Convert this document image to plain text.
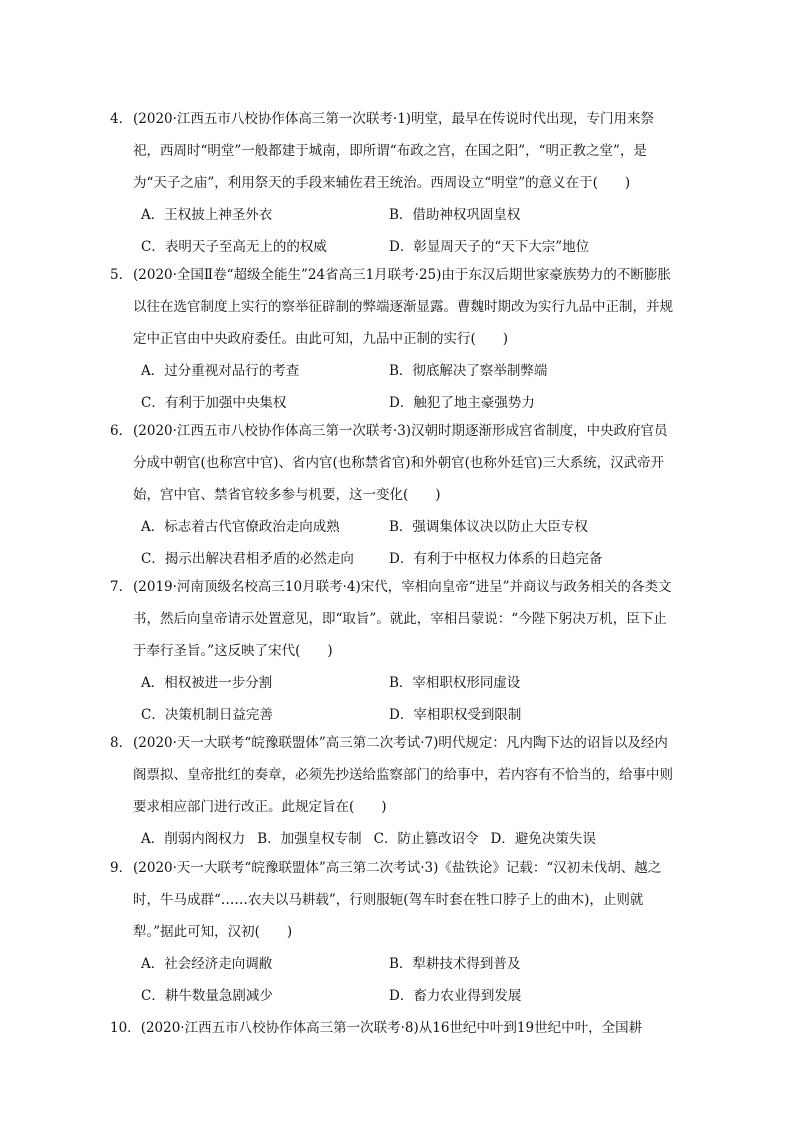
4．(2020·江西五市八校协作体高三第一次联考·1)明堂，最早在传说时代出现，专门用来祭祀，西周时“明堂”一般都建于城南，即所谓“布政之宫，在国之阳”，“明正教之堂”，是为“天子之庙”，利用祭天的手段来辅佐君王统治。西周设立“明堂”的意义在于(　　)

A．王权披上神圣外衣	B．借助神权巩固皇权
C．表明天子至高无上的的权威	D．彰显周天子的“天下大宗”地位

5．(2020·全国Ⅱ卷“超级全能生”24省高三1月联考·25)由于东汉后期世家豪族势力的不断膨胀以往在选官制度上实行的察举征辟制的弊端逐渐显露。曹魏时期改为实行九品中正制，并规定中正官由中央政府委任。由此可知，九品中正制的实行(　　)

A．过分重视对品行的考查	B．彻底解决了察举制弊端
C．有利于加强中央集权	D．触犯了地主豪强势力

6．(2020·江西五市八校协作体高三第一次联考·3)汉朝时期逐渐形成宫省制度，中央政府官员分成中朝官(也称宫中官)、省内官(也称禁省官)和外朝官(也称外廷官)三大系统，汉武帝开始，宫中官、禁省官较多参与机要，这一变化(　　)

A．标志着古代官僚政治走向成熟	B．强调集体议决以防止大臣专权
C．揭示出解决君相矛盾的必然走向	D．有利于中枢权力体系的日趋完备

7．(2019·河南顶级名校高三10月联考·4)宋代，宰相向皇帝“进呈”并商议与政务相关的各类文书，然后向皇帝请示处置意见，即“取旨”。就此，宰相吕蒙说：“今陛下躬决万机，臣下止于奉行圣旨。”这反映了宋代(　　)

A．相权被进一步分割	B．宰相职权形同虚设
C．决策机制日益完善	D．宰相职权受到限制

8．(2020·天一大联考“皖豫联盟体”高三第二次考试·7)明代规定：凡内陶下达的诏旨以及经内阁票拟、皇帝批红的奏章，必须先抄送给监察部门的给事中，若内容有不恰当的，给事中则要求相应部门进行改正。此规定旨在(　　)

A．削弱内阁权力 B．加强皇权专制 C．防止篡改诏令 D．避免决策失误

9．(2020·天一大联考“皖豫联盟体”高三第二次考试·3)《盐铁论》记载：“汉初未伐胡、越之时，牛马成群“……农夫以马耕载”，行则服轭(驾车时套在牲口脖子上的曲木)，止则就犁。”据此可知，汉初(　　)

A．社会经济走向调敝	B．犁耕技术得到普及
C．耕牛数量急剧减少	D．畜力农业得到发展
10．(2020·江西五市八校协作体高三第一次联考·8)从16世纪中叶到19世纪中叶，全国耕
